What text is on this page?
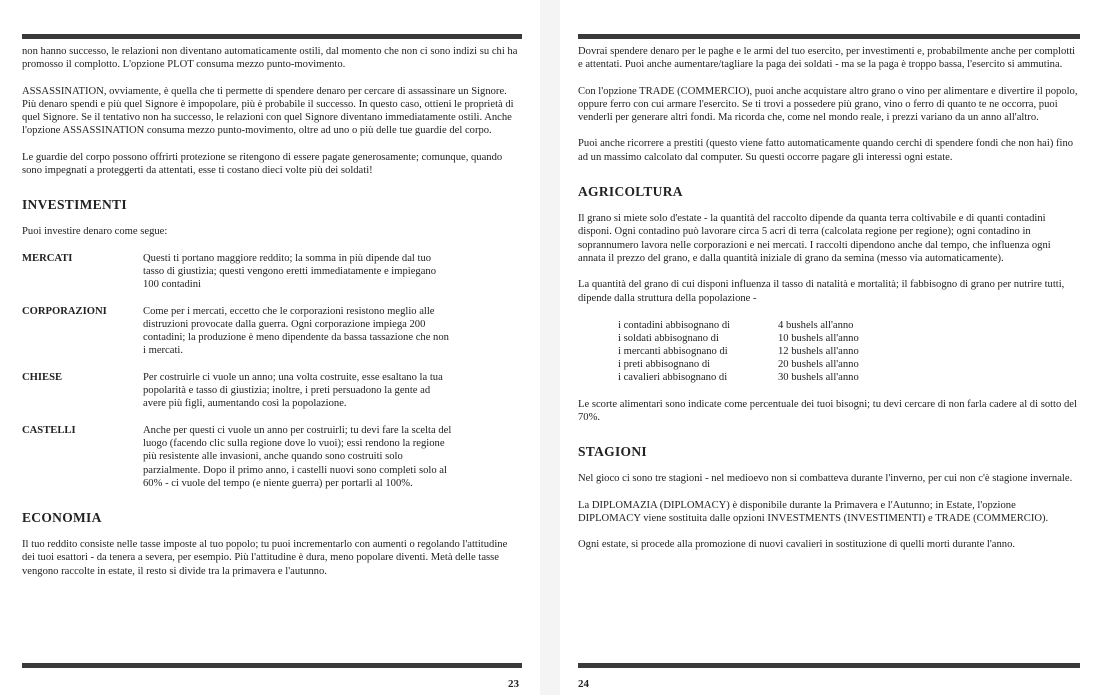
non hanno successo, le relazioni non diventano automaticamente ostili, dal momento che non ci sono indizi su chi ha promosso il complotto. L'opzione PLOT consuma mezzo punto-movimento.

ASSASSINATION, ovviamente, è quella che ti permette di spendere denaro per cercare di assassinare un Signore. Più denaro spendi e più quel Signore è impopolare, più è probabile il successo. In questo caso, ottieni le proprietà di quel Signore. Se il tentativo non ha successo, le relazioni con quel Signore diventano immediatamente ostili. Anche l'opzione ASSASSINATION consuma mezzo punto-movimento, oltre ad uno o più delle tue guardie del corpo.

Le guardie del corpo possono offrirti protezione se ritengono di essere pagate generosamente; comunque, quando sono impegnati a proteggerti da attentati, esse ti costano dieci volte più dei soldati!

INVESTIMENTI

Puoi investire denaro come segue:

MERCATI	Questi ti portano maggiore reddito; la somma in più dipende dal tuo tasso di giustizia; questi vengono eretti immediatamente e impiegano 100 contadini
CORPORAZIONI	Come per i mercati, eccetto che le corporazioni resistono meglio alle distruzioni provocate dalla guerra. Ogni corporazione impiega 200 contadini; la produzione è meno dipendente da bassa tassazione che non i mercati.
CHIESE	Per costruirle ci vuole un anno; una volta costruite, esse esaltano la tua popolarità e tasso di giustizia; inoltre, i preti persuadono la gente ad avere più figli, aumentando così la popolazione.
CASTELLI	Anche per questi ci vuole un anno per costruirli; tu devi fare la scelta del luogo (facendo clic sulla regione dove lo vuoi); essi rendono la regione più resistente alle invasioni, anche quando sono costruiti solo parzialmente. Dopo il primo anno, i castelli nuovi sono completi solo al 60% - ci vuole del tempo (e niente guerra) per portarli al 100%.
ECONOMIA

Il tuo reddito consiste nelle tasse imposte al tuo popolo; tu puoi incrementarlo con aumenti o regolando l'attitudine dei tuoi esattori - da tenera a severa, per esempio. Più l'attitudine è dura, meno popolare diventi. Metà delle tasse vengono raccolte in estate, il resto si divide tra la primavera e l'autunno.

23

Dovrai spendere denaro per le paghe e le armi del tuo esercito, per investimenti e, probabilmente anche per complotti e attentati. Puoi anche aumentare/tagliare la paga dei soldati - ma se la paga è troppo bassa, l'esercito si ammutina.

Con l'opzione TRADE (COMMERCIO), puoi anche acquistare altro grano o vino per alimentare e divertire il popolo, oppure ferro con cui armare l'esercito. Se ti trovi a possedere più grano, vino o ferro di quanto te ne occorra, puoi venderli per generare altri fondi. Ma ricorda che, come nel mondo reale, i prezzi variano da un anno all'altro.

Puoi anche ricorrere a prestiti (questo viene fatto automaticamente quando cerchi di spendere fondi che non hai) fino ad un massimo calcolato dal computer. Su questi occorre pagare gli interessi ogni estate.

AGRICOLTURA

Il grano si miete solo d'estate - la quantità del raccolto dipende da quanta terra coltivabile e di quanti contadini disponi. Ogni contadino può lavorare circa 5 acri di terra (calcolata regione per regione); ogni contadino in soprannumero lavora nelle corporazioni e nei mercati. I raccolti dipendono anche dal tempo, che influenza ogni annata il prezzo del grano, e dalla quantità iniziale di grano da semina (messo via automaticamente).

La quantità del grano di cui disponi influenza il tasso di natalità e mortalità; il fabbisogno di grano per nutrire tutti, dipende dalla struttura della popolazione -

i contadini abbisognano di	4 bushels all'anno
i soldati abbisognano di	10 bushels all'anno
i mercanti abbisognano di	12 bushels all'anno
i preti abbisognano di	20 bushels all'anno
i cavalieri abbisognano di	30 bushels all'anno

Le scorte alimentari sono indicate come percentuale dei tuoi bisogni; tu devi cercare di non farla cadere al di sotto del 70%.

STAGIONI

Nel gioco ci sono tre stagioni - nel medioevo non si combatteva durante l'inverno, per cui non c'è stagione invernale.

La DIPLOMAZIA (DIPLOMACY) è disponibile durante la Primavera e l'Autunno; in Estate, l'opzione DIPLOMACY viene sostituita dalle opzioni INVESTMENTS (INVESTIMENTI) e TRADE (COMMERCIO).

Ogni estate, si procede alla promozione di nuovi cavalieri in sostituzione di quelli morti durante l'anno.

24
